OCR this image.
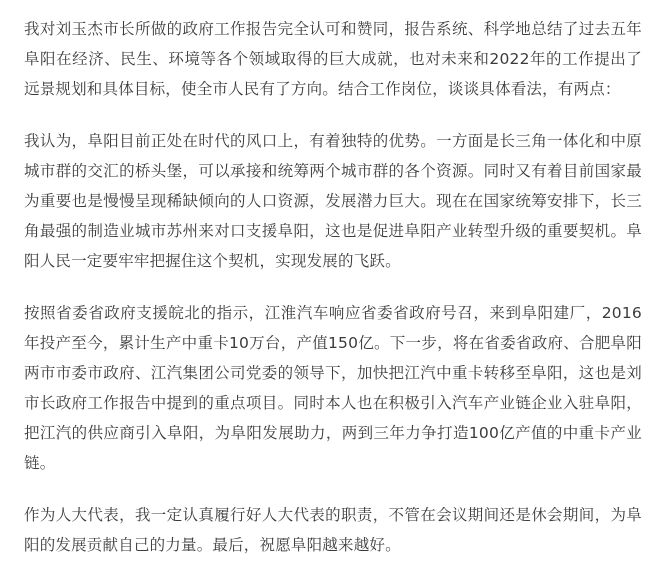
我对刘玉杰市长所做的政府工作报告完全认可和赞同，报告系统、科学地总结了过去五年阜阳在经济、民生、环境等各个领域取得的巨大成就，也对未来和2022年的工作提出了远景规划和具体目标，使全市人民有了方向。结合工作岗位，谈谈具体看法，有两点：

我认为，阜阳目前正处在时代的风口上，有着独特的优势。一方面是长三角一体化和中原城市群的交汇的桥头堡，可以承接和统筹两个城市群的各个资源。同时又有着目前国家最为重要也是慢慢呈现稀缺倾向的人口资源，发展潜力巨大。现在在国家统筹安排下，长三角最强的制造业城市苏州来对口支援阜阳，这也是促进阜阳产业转型升级的重要契机。阜阳人民一定要牢牢把握住这个契机，实现发展的飞跃。

按照省委省政府支援皖北的指示，江淮汽车响应省委省政府号召，来到阜阳建厂，2016年投产至今，累计生产中重卡10万台，产值150亿。下一步，将在省委省政府、合肥阜阳两市市委市政府、江汽集团公司党委的领导下，加快把江汽中重卡转移至阜阳，这也是刘市长政府工作报告中提到的重点项目。同时本人也在积极引入汽车产业链企业入驻阜阳，把江汽的供应商引入阜阳，为阜阳发展助力，两到三年力争打造100亿产值的中重卡产业链。

作为人大代表，我一定认真履行好人大代表的职责，不管在会议期间还是休会期间，为阜阳的发展贡献自己的力量。最后，祝愿阜阳越来越好。
